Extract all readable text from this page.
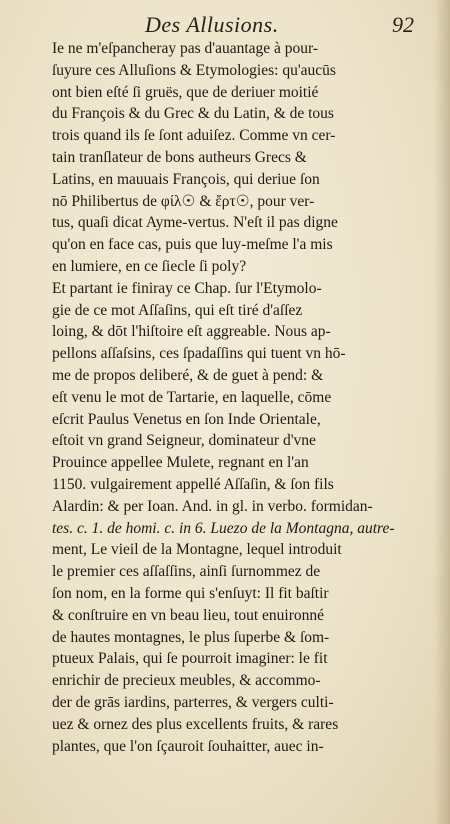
Des Allusions.	92
Ie ne m'eſpancheray pas d'auantage à pour-
ſuyure ces Alluſions & Etymologies: qu'aucūs
ont bien eſté ſi gruës, que de deriuer moitié
du François & du Grec & du Latin, & de tous
trois quand ils ſe ſont aduiſez. Comme vn cer-
tain tranſlateur de bons autheurs Grecs &
Latins, en mauuais François, qui deriue ſon
nō Philibertus de φίλ☉ & ἔρτ☉, pour ver-
tus, quaſi dicat Ayme-vertus. N'eſt il pas digne
qu'on en face cas, puis que luy-meſme l'a mis
en lumiere, en ce ſiecle ſi poly?
Et partant ie finiray ce Chap. ſur l'Etymolo-
gie de ce mot Aſſaſins, qui eſt tiré d'aſſez
loing, & dōt l'hiſtoire eſt aggreable. Nous ap-
pellons aſſaſsins, ces ſpadaſſins qui tuent vn hō-
me de propos deliberé, & de guet à pend: &
eſt venu le mot de Tartarie, en laquelle, cōme
eſcrit Paulus Venetus en ſon Inde Orientale,
eſtoit vn grand Seigneur, dominateur d'vne
Prouince appellee Mulete, regnant en l'an
1150. vulgairement appellé Aſſaſin, & ſon fils
Alardin: & per Ioan. And. in gl. in verbo. formidan-
tes. c. 1. de homi. c. in 6. Luezo de la Montagna, autre-
ment, Le vieil de la Montagne, lequel introduit
le premier ces aſſaſſins, ainſi ſurnommez de
ſon nom, en la forme qui s'enſuyt: Il fit baſtir
& conſtruire en vn beau lieu, tout enuironné
de hautes montagnes, le plus ſuperbe & ſom-
ptueux Palais, qui ſe pourroit imaginer: le fit
enrichir de precieux meubles, & accommo-
der de grās iardins, parterres, & vergers culti-
uez & ornez des plus excellents fruits, & rares
plantes, que l'on ſçauroit ſouhaitter, auec in-
